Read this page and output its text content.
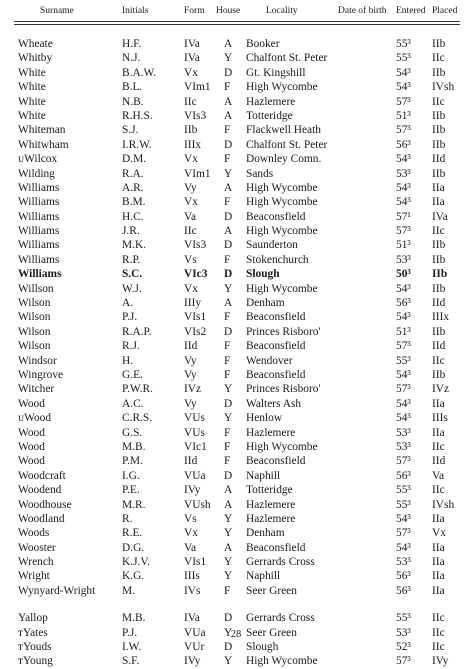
Surname	Initials	Form House	Locality	Date of birth Entered Placed
Wheate	H.F.	IVa A Booker	55³ IIb
Whitby	N.J.	IVa Y Chalfont St. Peter	55³ IIc
White	B.A.W. Vx D Gt. Kingshill	54³ IIb
White	B.L.	VIm1 F High Wycombe	54³ IVsh
White	N.B.	IIc A Hazlemere	57³ IIc
White	R.H.S.	VIs3 A Totteridge	51³ IIb
Whiteman	S.J.	IIb F Flackwell Heath	57³ IIb
Whitwham	I.R.W.	IIIx D Chalfont St. Peter	56³ IIb
ᴜWilcox	D.M.	Vx F Downley Comn.	54³ IId
Wilding	R.A.	VIm1 Y Sands	53³ IIb
Williams	A.R.	Vy A High Wycombe	54³ IIa
Williams	B.M.	Vx F High Wycombe	54³ IIa
Williams	H.C.	Va D Beaconsfield	57¹ IVa
Williams	J.R.	IIc A High Wycombe	57³ IIc
Williams	M.K.	VIs3 D Saunderton	51³ IIb
Williams	R.P.	Vs F Stokenchurch	53³ IIb
Williams	S.C.	VIc3 D Slough	50³ IIb
Willson	W.J.	Vx Y High Wycombe	54³ IIb
Wilson	A.	IIIy A Denham	56³ IId
Wilson	P.J.	VIs1 F Beaconsfield	54³ IIIx
Wilson	R.A.P.	VIs2 D Princes Risboro'	51³ IIb
Wilson	R.J.	IId F Beaconsfield	57³ IId
Windsor	H.	Vy F Wendover	55³ IIc
Wingrove	G.E.	Vy F Beaconsfield	54³ IIb
Witcher	P.W.R.	IVz Y Princes Risboro'	57³ IVz
Wood	A.C.	Vy D Walters Ash	54³ IIa
ᴜWood	C.R.S.	VUs Y Henlow	54³ IIIs
Wood	G.S.	VUs F Hazlemere	53³ IIa
Wood	M.B.	VIc1 F High Wycombe	53³ IIc
Wood	P.M.	IId F Beaconsfield	57³ IId
Woodcraft	I.G.	VUa D Naphill	56³ Va
Woodend	P.E.	IVy A Totteridge	55³ IIc
Woodhouse	M.R.	VUsh A Hazlemere	55³ IVsh
Woodland	R.	Vs Y Hazlemere	54³ IIa
Woods	R.E.	Vx Y Denham	57³ Vx
Wooster	D.G.	Va A Beaconsfield	54³ IIa
Wrench	K.J.V.	VIs1 Y Gerrards Cross	53³ IIa
Wright	K.G.	IIIs Y Naphill	56³ IIa
Wynyard-Wright M.	IVs F Seer Green	56³ IIa
Yallop	M.B.	IVa D Gerrards Cross	55³ IIc
ᴛYates	P.J.	VUa Y Seer Green	53³ IIc
ᴛYouds	I.W.	VUr D Slough	52³ IIc
ᴛYoung	S.F.	IVy Y High Wycombe	57³ IVy
28
